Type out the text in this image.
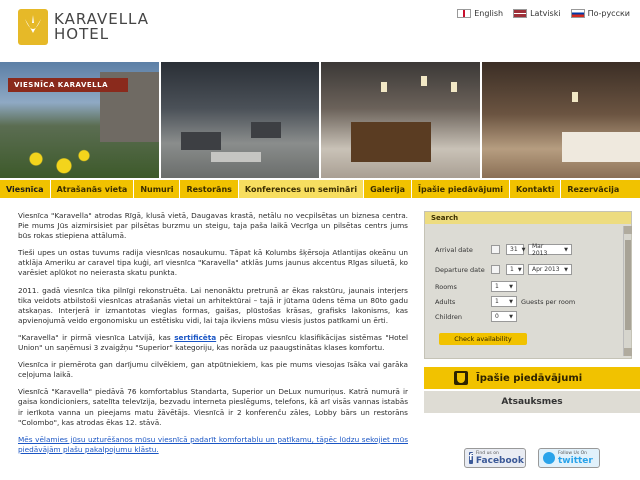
KARAVELLA
HOTEL
English	Latviski	По-русски
VIESNĪCA KARAVELLA
Viesnīca	Atrašanās vieta	Numuri	Restorāns	Konferences un semināri	Galerija	Īpašie piedāvājumi	Kontakti	Rezervācija

Viesnīca "Karavella" atrodas Rīgā, klusā vietā, Daugavas krastā, netālu no vecpilsētas un biznesa centra. Pie mums Jūs aizmirsisiet par pilsētas burzmu un steigu, taja paša laikā Vecrīga un pilsētas centrs jums būs rokas stiepiena attālumā.

Tieši upes un ostas tuvums radija viesnīcas nosaukumu. Tāpat kā Kolumbs šķērsoja Atlantijas okeānu un atklāja Ameriku ar caravel tipa kuģi, arī viesnīca "Karavella" atklās Jums jaunus akcentus Rīgas siluetā, ko varēsiet aplūkot no neierasta skatu punkta.

2011. gadā viesnīca tika pilnīgi rekonstruēta. Lai nenonāktu pretrunā ar ēkas rakstūru, jaunais interjers tika veidots atbilstoši viesnīcas atrašanās vietai un arhitektūrai – tajā ir jūtama ūdens tēma un 80to gadu atskaņas. Interjerā ir izmantotas vieglas formas, gaišas, plūstošas krāsas, grafisks lakonisms, kas apvienojumā veido ergonomisku un estētisku vidi, lai taja ikviens mūsu viesis justos patīkami un ērti.

"Karavella" ir pirmā viesnīca Latvijā, kas sertificēta pēc Eiropas viesnīcu klasifikācijas sistēmas "Hotel Union" un saņēmusi 3 zvaigžņu "Superior" kategoriju, kas norāda uz paaugstinātas klases komfortu.

Viesnīca ir piemērota gan darījumu cilvēkiem, gan atpūtniekiem, kas pie mums viesojas īsāka vai garāka ceļojuma laikā.

Viesnīcā "Karavella" piedāvā 76 komfortablus Standarta, Superior un DeLux numuriņus. Katrā numurā ir gaisa kondicioniers, satelīta televīzija, bezvadu interneta pieslēgums, telefons, kā arī visās vannas istabās ir ierīkota vanna un pieejams matu žāvētājs. Viesnīcā ir 2 konferenču zāles, Lobby bārs un restorāns "Colombo", kas atrodas ēkas 12. stāvā.

Mēs vēlamies jūsu uzturēšanos mūsu viesnīcā padarīt komfortablu un patīkamu, tāpēc lūdzu sekojiet mūs piedāvājām plašu pakalpojumu klāstu.

Search
Arrival date	31 ▼ Mar 2013	▼
Departure date	1 ▼ Apr 2013 ▼
Rooms	1 ▼
Adults	1 ▼ Guests per room
Children	0 ▼
Check availability
Īpašie piedāvājumi
Atsauksmes
f Find us on
Facebook
Follow Us On
twitter
